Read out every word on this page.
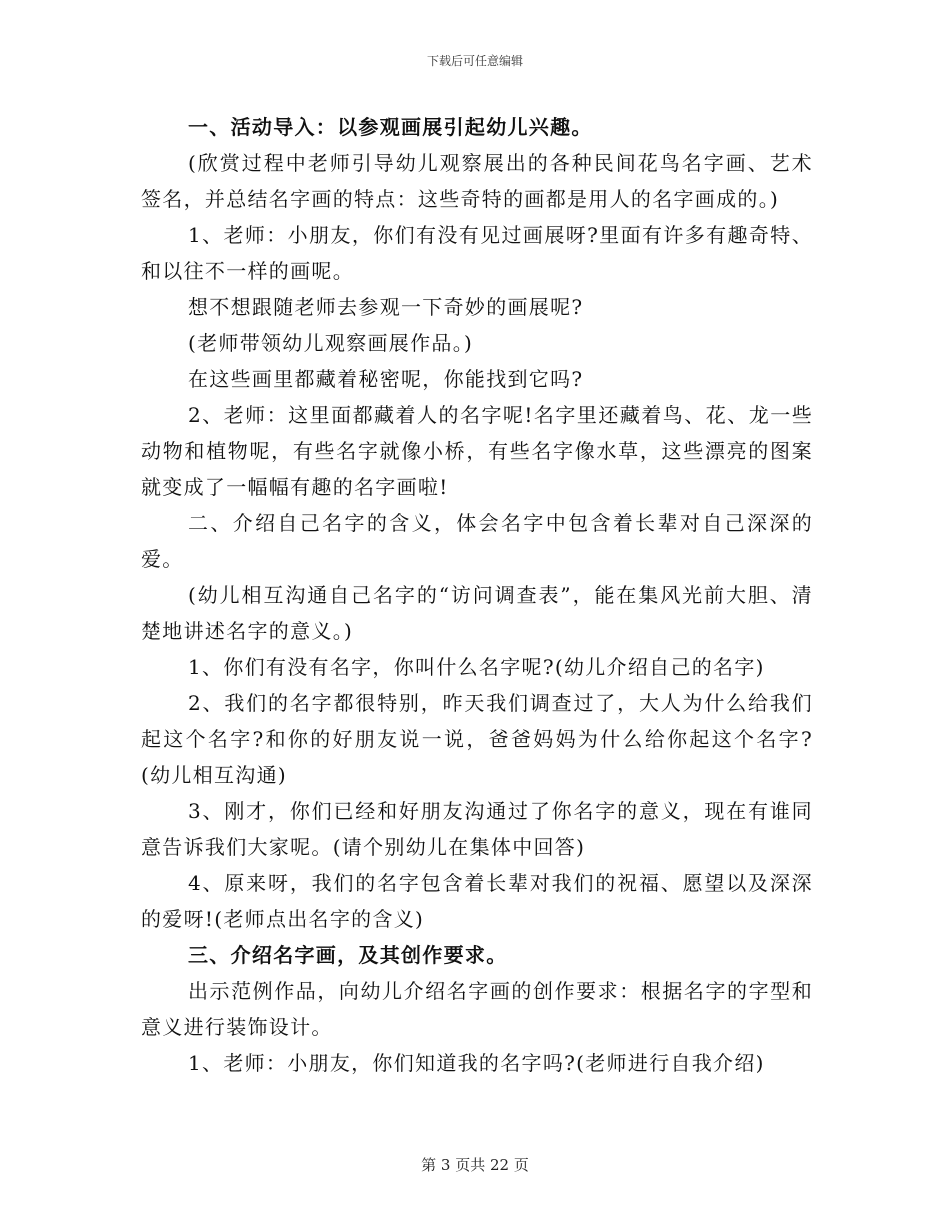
下载后可任意编辑

一、活动导入：以参观画展引起幼儿兴趣。

(欣赏过程中老师引导幼儿观察展出的各种民间花鸟名字画、艺术签名，并总结名字画的特点：这些奇特的画都是用人的名字画成的。)

1、老师：小朋友，你们有没有见过画展呀?里面有许多有趣奇特、和以往不一样的画呢。

想不想跟随老师去参观一下奇妙的画展呢?

(老师带领幼儿观察画展作品。)

在这些画里都藏着秘密呢，你能找到它吗?

2、老师：这里面都藏着人的名字呢!名字里还藏着鸟、花、龙一些动物和植物呢，有些名字就像小桥，有些名字像水草，这些漂亮的图案就变成了一幅幅有趣的名字画啦!

二、介绍自己名字的含义，体会名字中包含着长辈对自己深深的爱。

(幼儿相互沟通自己名字的“访问调查表”，能在集风光前大胆、清楚地讲述名字的意义。)

1、你们有没有名字，你叫什么名字呢?(幼儿介绍自己的名字)

2、我们的名字都很特别，昨天我们调查过了，大人为什么给我们起这个名字?和你的好朋友说一说，爸爸妈妈为什么给你起这个名字?(幼儿相互沟通)

3、刚才，你们已经和好朋友沟通过了你名字的意义，现在有谁同意告诉我们大家呢。(请个别幼儿在集体中回答)

4、原来呀，我们的名字包含着长辈对我们的祝福、愿望以及深深的爱呀!(老师点出名字的含义)

三、介绍名字画，及其创作要求。

出示范例作品，向幼儿介绍名字画的创作要求：根据名字的字型和意义进行装饰设计。

1、老师：小朋友，你们知道我的名字吗?(老师进行自我介绍)

第 3 页共 22 页
